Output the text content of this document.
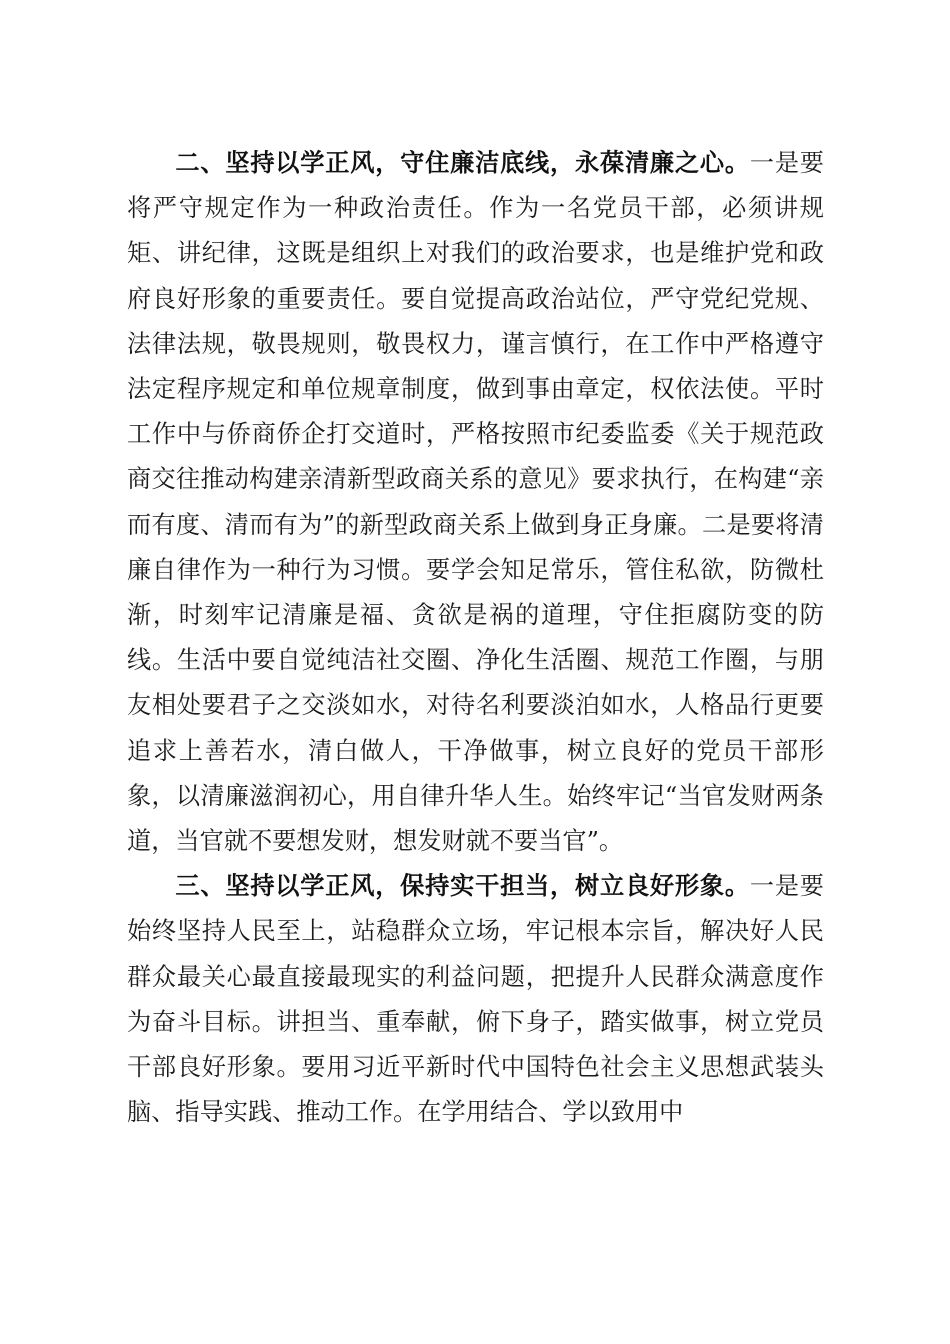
二、坚持以学正风，守住廉洁底线，永葆清廉之心。一是要将严守规定作为一种政治责任。作为一名党员干部，必须讲规矩、讲纪律，这既是组织上对我们的政治要求，也是维护党和政府良好形象的重要责任。要自觉提高政治站位，严守党纪党规、法律法规，敬畏规则，敬畏权力，谨言慎行，在工作中严格遵守法定程序规定和单位规章制度，做到事由章定，权依法使。平时工作中与侨商侨企打交道时，严格按照市纪委监委《关于规范政商交往推动构建亲清新型政商关系的意见》要求执行，在构建“亲而有度、清而有为”的新型政商关系上做到身正身廉。二是要将清廉自律作为一种行为习惯。要学会知足常乐，管住私欲，防微杜渐，时刻牢记清廉是福、贪欲是祸的道理，守住拒腐防变的防线。生活中要自觉纯洁社交圈、净化生活圈、规范工作圈，与朋友相处要君子之交淡如水，对待名利要淡泊如水，人格品行更要追求上善若水，清白做人，干净做事，树立良好的党员干部形象，以清廉滋润初心，用自律升华人生。始终牢记“当官发财两条道，当官就不要想发财，想发财就不要当官”。

三、坚持以学正风，保持实干担当，树立良好形象。一是要始终坚持人民至上，站稳群众立场，牢记根本宗旨，解决好人民群众最关心最直接最现实的利益问题，把提升人民群众满意度作为奋斗目标。讲担当、重奉献，俯下身子，踏实做事，树立党员干部良好形象。要用习近平新时代中国特色社会主义思想武装头脑、指导实践、推动工作。在学用结合、学以致用中
